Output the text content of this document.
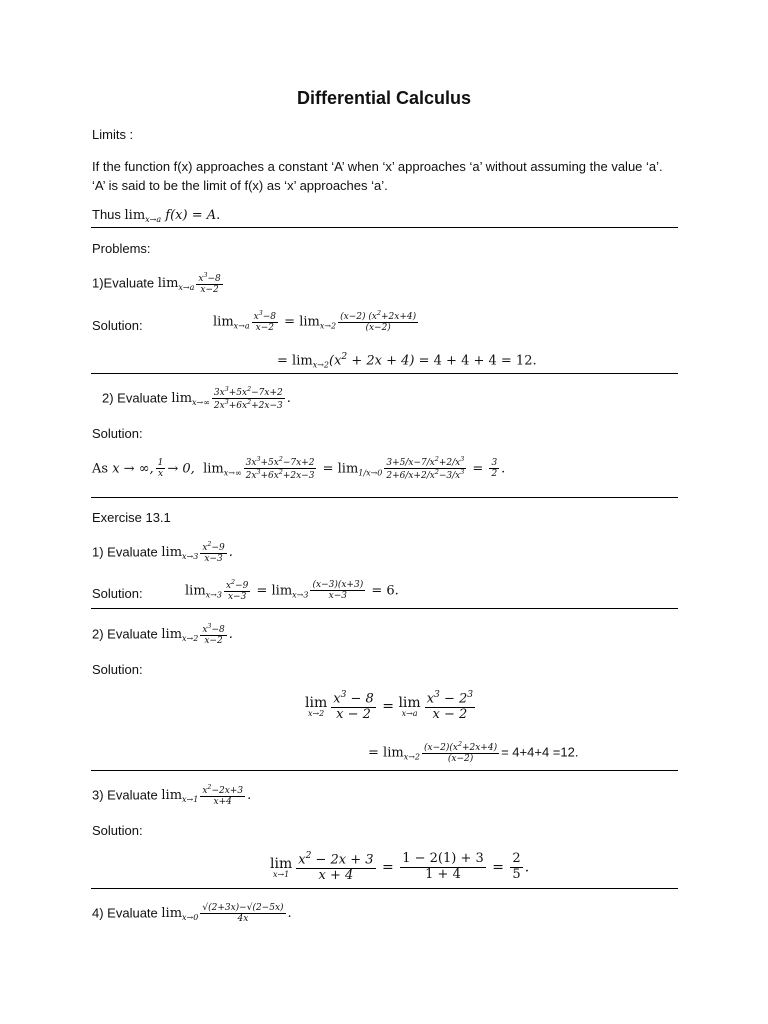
Differential Calculus
Limits :
If the function f(x) approaches a constant ‘A’ when ‘x’ approaches ‘a’ without assuming the value ‘a’.
‘A’ is said to be the limit of f(x) as ‘x’ approaches ‘a’.
Thus $\lim_{x\to a} f(x) = A$.
Problems:
1)Evaluate $\lim_{x\to a} \frac{x^3-8}{x-2}$
Solution:	$\lim_{x\to a} \frac{x^3-8}{x-2} = \lim_{x\to 2} \frac{(x-2) (x^2+2x+4)}{(x-2)}$
= $\lim_{x\to 2}(x^2 + 2x + 4) = 4 + 4 + 4 = 12$.
2) Evaluate $\lim_{x\to\infty} \frac{3x^3+5x^2-7x+2}{2x^3+6x^2+2x-3}$ .
Solution:
As x → ∞, $\frac{1}{x} \to 0$,  $\lim_{x\to\infty} \frac{3x^3+5x^2-7x+2}{2x^3+6x^2+2x-3} = \lim_{1/x\to 0} \frac{3+5/x-7/x^2+2/x^3}{2+6/x+2/x^2-3/x^3} = \frac{3}{2}$ .
Exercise 13.1
1) Evaluate $\lim_{x\to 3} \frac{x^2-9}{x-3}$ .
Solution:	$\lim_{x\to 3} \frac{x^2-9}{x-3} = \lim_{x\to 3} \frac{(x-3)(x+3)}{x-3} = 6$.
2) Evaluate $\lim_{x\to 2} \frac{x^3-8}{x-2}$ .
Solution:
lim
$x\to 2 \frac{x^3 - 8}{x - 2} = \lim$
$x\to a \frac{x^3 - 2^3}{x - 2}$
= $\lim_{x\to 2} \frac{(x-2)(x^2+2x+4)}{(x-2)} = 4+4+4 =12$.
3) Evaluate $\lim_{x\to 1} \frac{x^2-2x+3}{x+4}$ .
Solution:
lim
$x\to 1 \frac{x^2 - 2x + 3}{x + 4} = \frac{1 - 2(1) + 3}{1 + 4} = \frac{2}{5}$ .
4) Evaluate $\lim_{x\to 0} \frac{√(2+3x)-√(2-5x)}{4x}$ .
